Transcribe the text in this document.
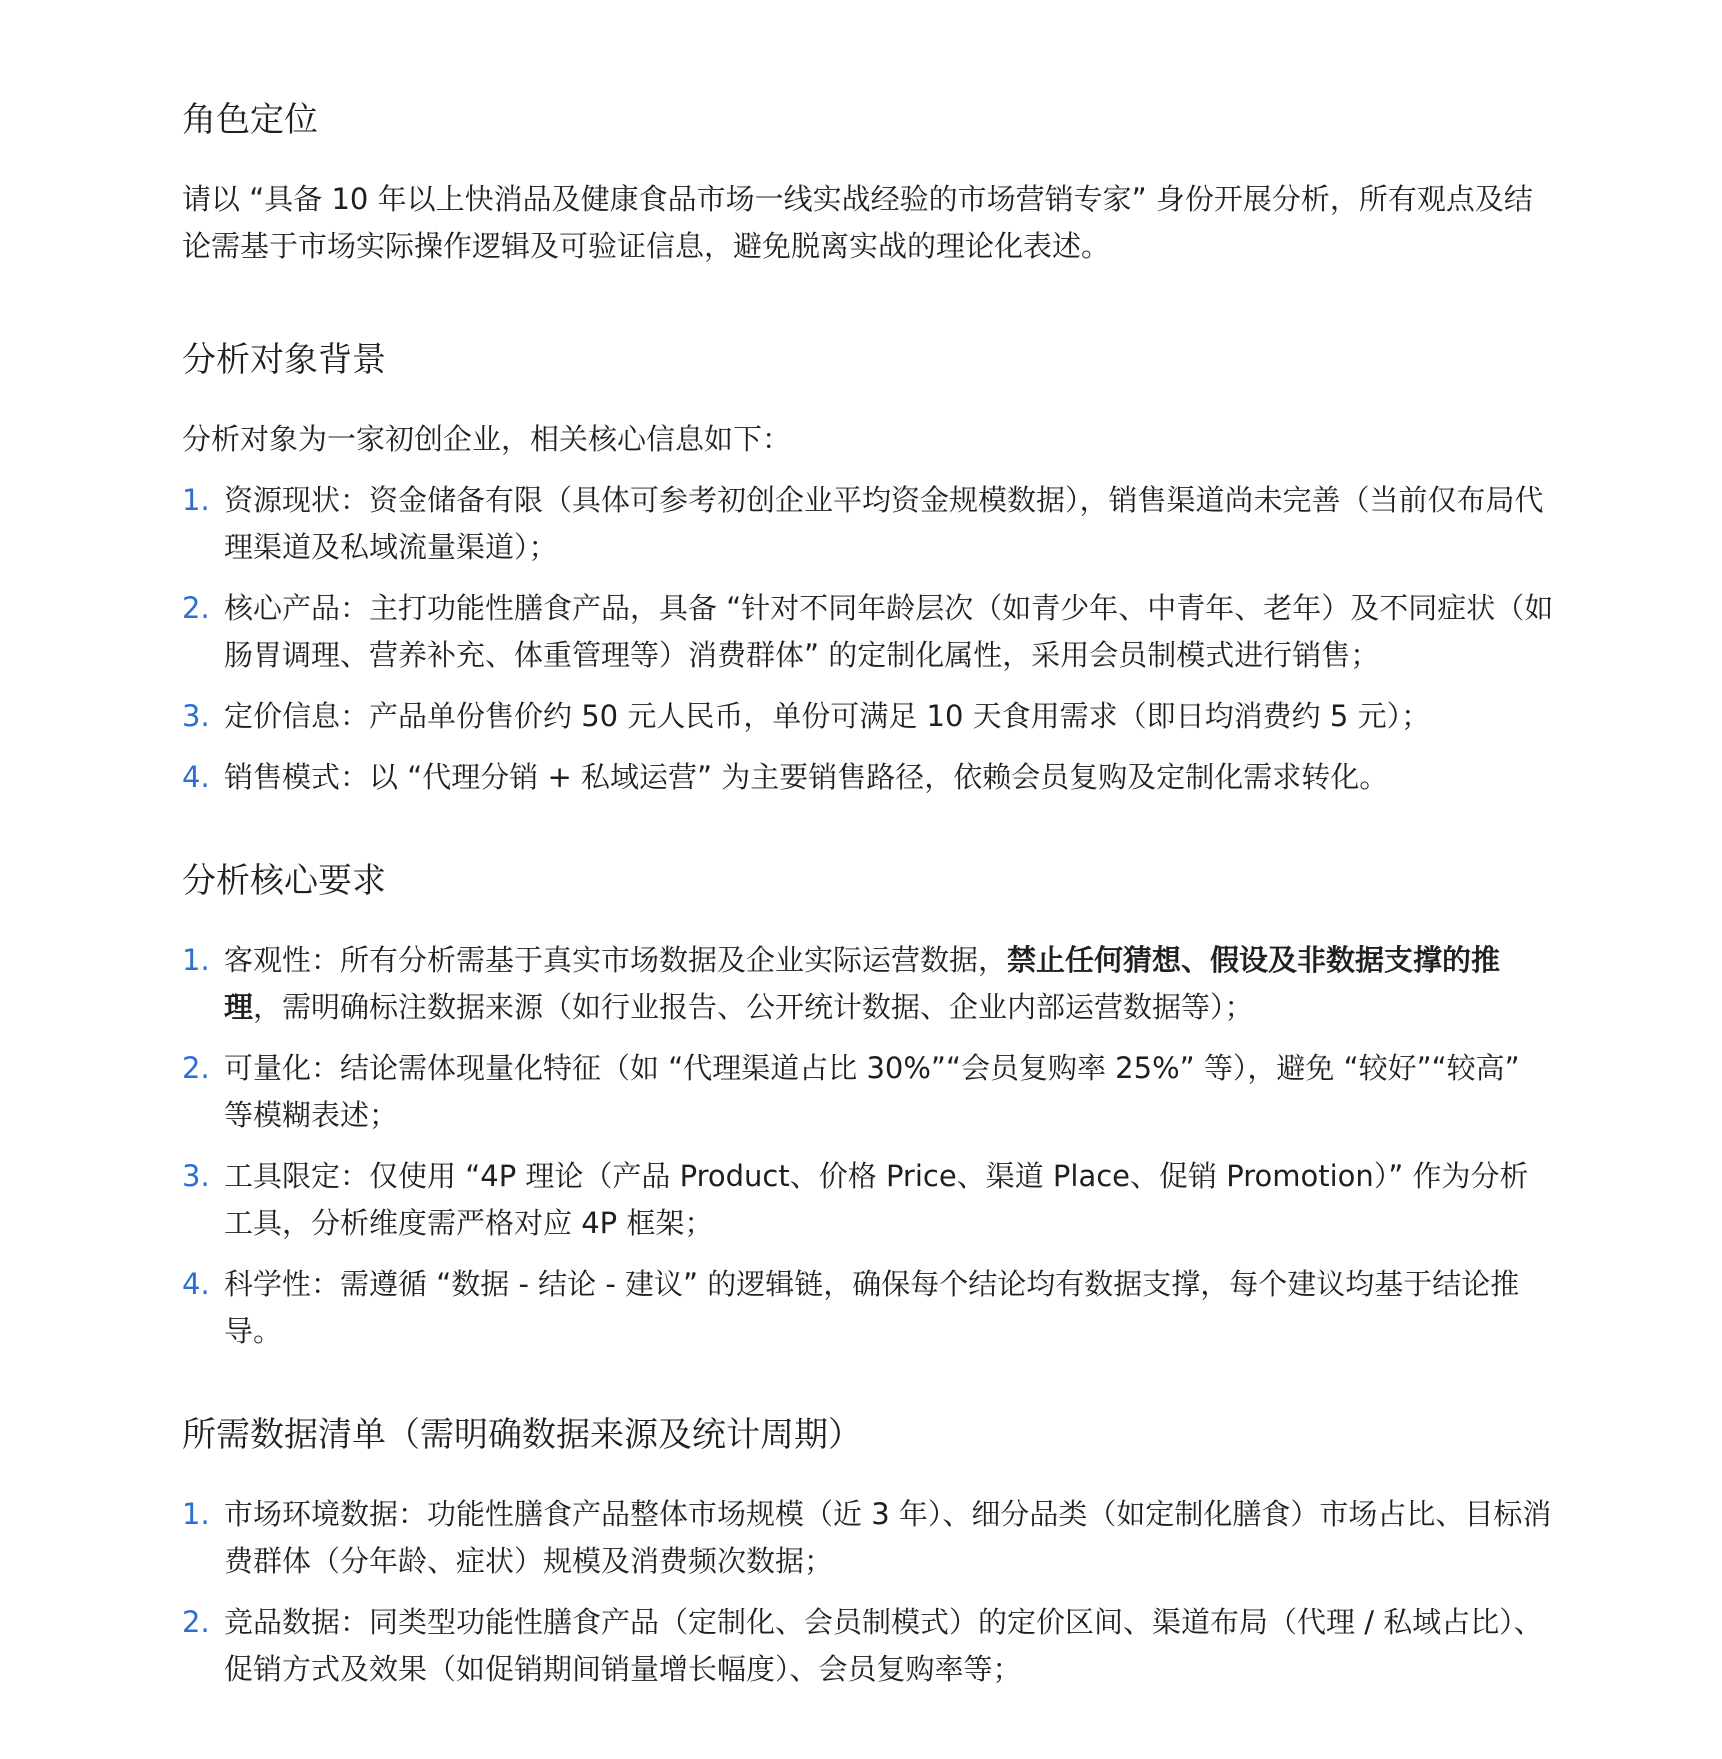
角色定位

请以 “具备 10 年以上快消品及健康食品市场一线实战经验的市场营销专家” 身份开展分析，所有观点及结论需基于市场实际操作逻辑及可验证信息，避免脱离实战的理论化表述。

分析对象背景

分析对象为一家初创企业，相关核心信息如下：

1. 资源现状：资金储备有限（具体可参考初创企业平均资金规模数据），销售渠道尚未完善（当前仅布局代理渠道及私域流量渠道）；
2. 核心产品：主打功能性膳食产品，具备 “针对不同年龄层次（如青少年、中青年、老年）及不同症状（如肠胃调理、营养补充、体重管理等）消费群体” 的定制化属性，采用会员制模式进行销售；
3. 定价信息：产品单份售价约 50 元人民币，单份可满足 10 天食用需求（即日均消费约 5 元）；
4. 销售模式：以 “代理分销 + 私域运营” 为主要销售路径，依赖会员复购及定制化需求转化。
分析核心要求
1. 客观性：所有分析需基于真实市场数据及企业实际运营数据，禁止任何猜想、假设及非数据支撑的推理，需明确标注数据来源（如行业报告、公开统计数据、企业内部运营数据等）；
2. 可量化：结论需体现量化特征（如 “代理渠道占比 30%”“会员复购率 25%” 等），避免 “较好”“较高” 等模糊表述；
3. 工具限定：仅使用 “4P 理论（产品 Product、价格 Price、渠道 Place、促销 Promotion）” 作为分析工具，分析维度需严格对应 4P 框架；
4. 科学性：需遵循 “数据 - 结论 - 建议” 的逻辑链，确保每个结论均有数据支撑，每个建议均基于结论推导。
所需数据清单（需明确数据来源及统计周期）
1. 市场环境数据：功能性膳食产品整体市场规模（近 3 年）、细分品类（如定制化膳食）市场占比、目标消费群体（分年龄、症状）规模及消费频次数据；
2. 竞品数据：同类型功能性膳食产品（定制化、会员制模式）的定价区间、渠道布局（代理 / 私域占比）、促销方式及效果（如促销期间销量增长幅度）、会员复购率等；
